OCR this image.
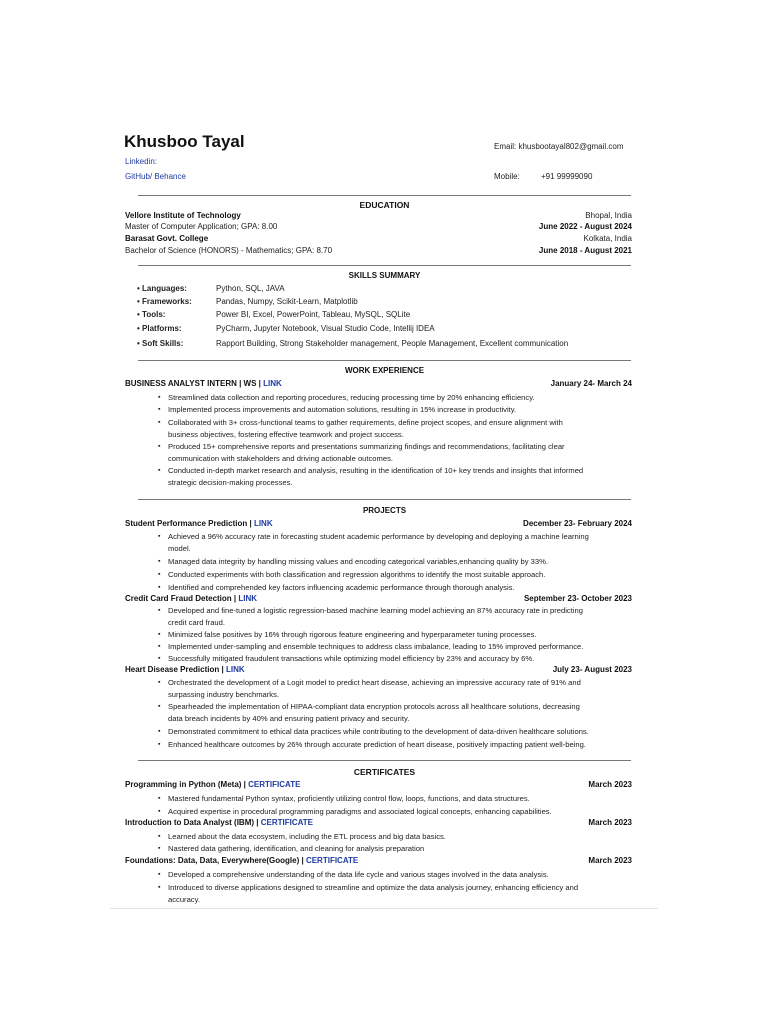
Khusboo Tayal
Linkedin:
GitHub/ Behance
Email: khusbootayal802@gmail.com
Mobile:	+91 99999090
EDUCATION
Vellore Institute of Technology	Bhopal, India
Master of Computer Application; GPA: 8.00	June 2022 - August 2024
Barasat Govt. College	Kolkata, India
Bachelor of Science (HONORS) - Mathematics; GPA: 8.70	June 2018 - August 2021
SKILLS SUMMARY
• Languages:	Python, SQL, JAVA
• Frameworks:	Pandas, Numpy, Scikit-Learn, Matplotlib
• Tools:	Power BI, Excel, PowerPoint, Tableau, MySQL, SQLite
• Platforms:	PyCharm, Jupyter Notebook, Visual Studio Code, Intellij IDEA
• Soft Skills:	Rapport Building, Strong Stakeholder management, People Management, Excellent communication
WORK EXPERIENCE
BUSINESS ANALYST INTERN | WS | LINK	January 24- March 24
▪ Streamlined data collection and reporting procedures, reducing processing time by 20% enhancing efficiency.
▪ Implemented process improvements and automation solutions, resulting in 15% increase in productivity.
▪ Collaborated with 3+ cross-functional teams to gather requirements, define project scopes, and ensure alignment with
business objectives, fostering effective teamwork and project success.
▪ Produced 15+ comprehensive reports and presentations summarizing findings and recommendations, facilitating clear
communication with stakeholders and driving actionable outcomes.
▪ Conducted in-depth market research and analysis, resulting in the identification of 10+ key trends and insights that informed
strategic decision-making processes.
PROJECTS
Student Performance Prediction | LINK	December 23- February 2024
▪ Achieved a 96% accuracy rate in forecasting student academic performance by developing and deploying a machine learning
model.
▪ Managed data integrity by handling missing values and encoding categorical variables,enhancing quality by 33%.
▪ Conducted experiments with both classification and regression algorithms to identify the most suitable approach.
▪ Identified and comprehended key factors influencing academic performance through thorough analysis.
Credit Card Fraud Detection | LINK	September 23- October 2023
▪ Developed and fine-tuned a logistic regression-based machine learning model achieving an 87% accuracy rate in predicting
credit card fraud.
▪ Minimized false positives by 16% through rigorous feature engineering and hyperparameter tuning processes.
▪ Implemented under-sampling and ensemble techniques to address class imbalance, leading to 15% improved performance.
▪ Successfully mitigated fraudulent transactions while optimizing model efficiency by 23% and accuracy by 6%.
Heart Disease Prediction | LINK	July 23- August 2023
▪ Orchestrated the development of a Logit model to predict heart disease, achieving an impressive accuracy rate of 91% and
surpassing industry benchmarks.
▪ Spearheaded the implementation of HIPAA-compliant data encryption protocols across all healthcare solutions, decreasing
data breach incidents by 40% and ensuring patient privacy and security.
▪ Demonstrated commitment to ethical data practices while contributing to the development of data-driven healthcare solutions.
▪ Enhanced healthcare outcomes by 26% through accurate prediction of heart disease, positively impacting patient well-being.
CERTIFICATES
Programming in Python (Meta) | CERTIFICATE	March 2023
▪ Mastered fundamental Python syntax, proficiently utilizing control flow, loops, functions, and data structures.
▪ Acquired expertise in procedural programming paradigms and associated logical concepts, enhancing capabilities.
Introduction to Data Analyst (IBM) | CERTIFICATE	March 2023
▪ Learned about the data ecosystem, including the ETL process and big data basics.
▪ Nastered data gathering, identification, and cleaning for analysis preparation
Foundations: Data, Data, Everywhere(Google) | CERTIFICATE	March 2023
▪ Developed a comprehensive understanding of the data life cycle and various stages involved in the data analysis.
▪ Introduced to diverse applications designed to streamline and optimize the data analysis journey, enhancing efficiency and
accuracy.
